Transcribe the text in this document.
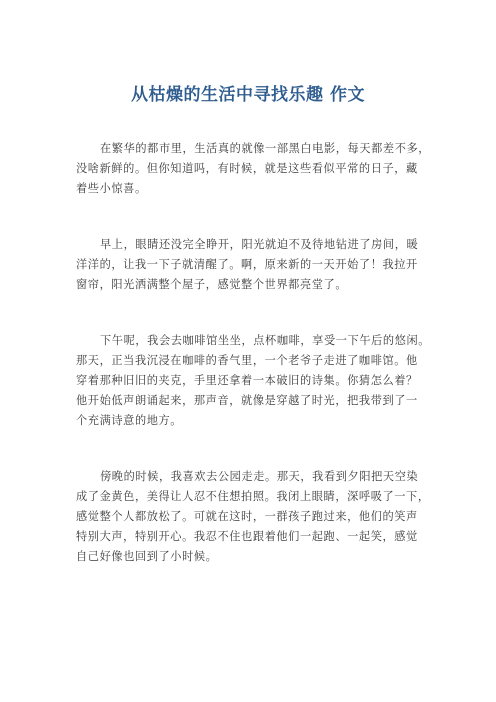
从枯燥的生活中寻找乐趣 作文
在繁华的都市里，生活真的就像一部黑白电影，每天都差不多，
没啥新鲜的。但你知道吗，有时候，就是这些看似平常的日子，藏
着些小惊喜。
早上，眼睛还没完全睁开，阳光就迫不及待地钻进了房间，暖
洋洋的，让我一下子就清醒了。啊，原来新的一天开始了！我拉开
窗帘，阳光洒满整个屋子，感觉整个世界都亮堂了。
下午呢，我会去咖啡馆坐坐，点杯咖啡，享受一下午后的悠闲。
那天，正当我沉浸在咖啡的香气里，一个老爷子走进了咖啡馆。他
穿着那种旧旧的夹克，手里还拿着一本破旧的诗集。你猜怎么着？
他开始低声朗诵起来，那声音，就像是穿越了时光，把我带到了一
个充满诗意的地方。
傍晚的时候，我喜欢去公园走走。那天，我看到夕阳把天空染
成了金黄色，美得让人忍不住想拍照。我闭上眼睛，深呼吸了一下，
感觉整个人都放松了。可就在这时，一群孩子跑过来，他们的笑声
特别大声，特别开心。我忍不住也跟着他们一起跑、一起笑，感觉
自己好像也回到了小时候。
